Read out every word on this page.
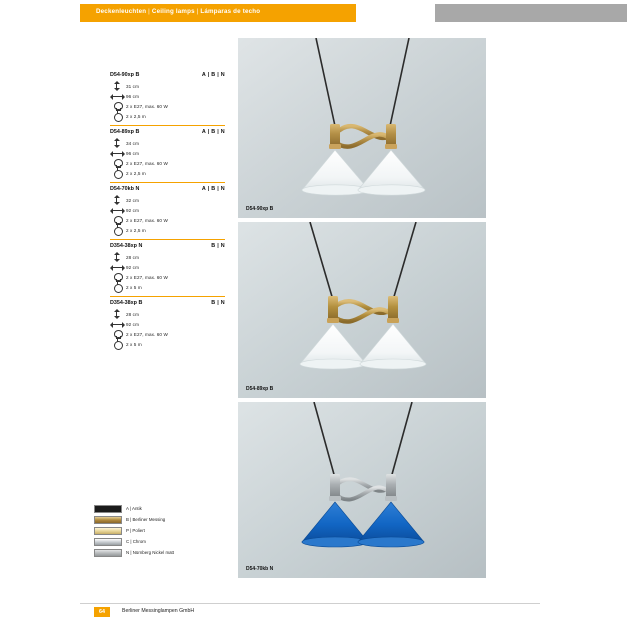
Deckenleuchten | Ceiling lamps | Lámparas de techo
D54-90xp B	A | B | N
31 cm
96 cm
2 x E27, max. 60 W
2 x 2,5 m
D54-89xp B	A | B | N
34 cm
96 cm
2 x E27, max. 60 W
2 x 2,5 m
D54-70kb N	A | B | N
32 cm
92 cm
2 x E27, max. 60 W
2 x 2,5 m
D354-38xp N	B | N
28 cm
92 cm
2 x E27, max. 60 W
2 x 5 m
D354-38xp B	B | N
28 cm
92 cm
2 x E27, max. 60 W
2 x 5 m
D54-90xp B
D54-89xp B
D54-70kb N
A | Antik
B | Berliner Messing
P | Poliert
C | Chrom
N | Nürnberg Nickel matt
64	Berliner Messinglampen GmbH
